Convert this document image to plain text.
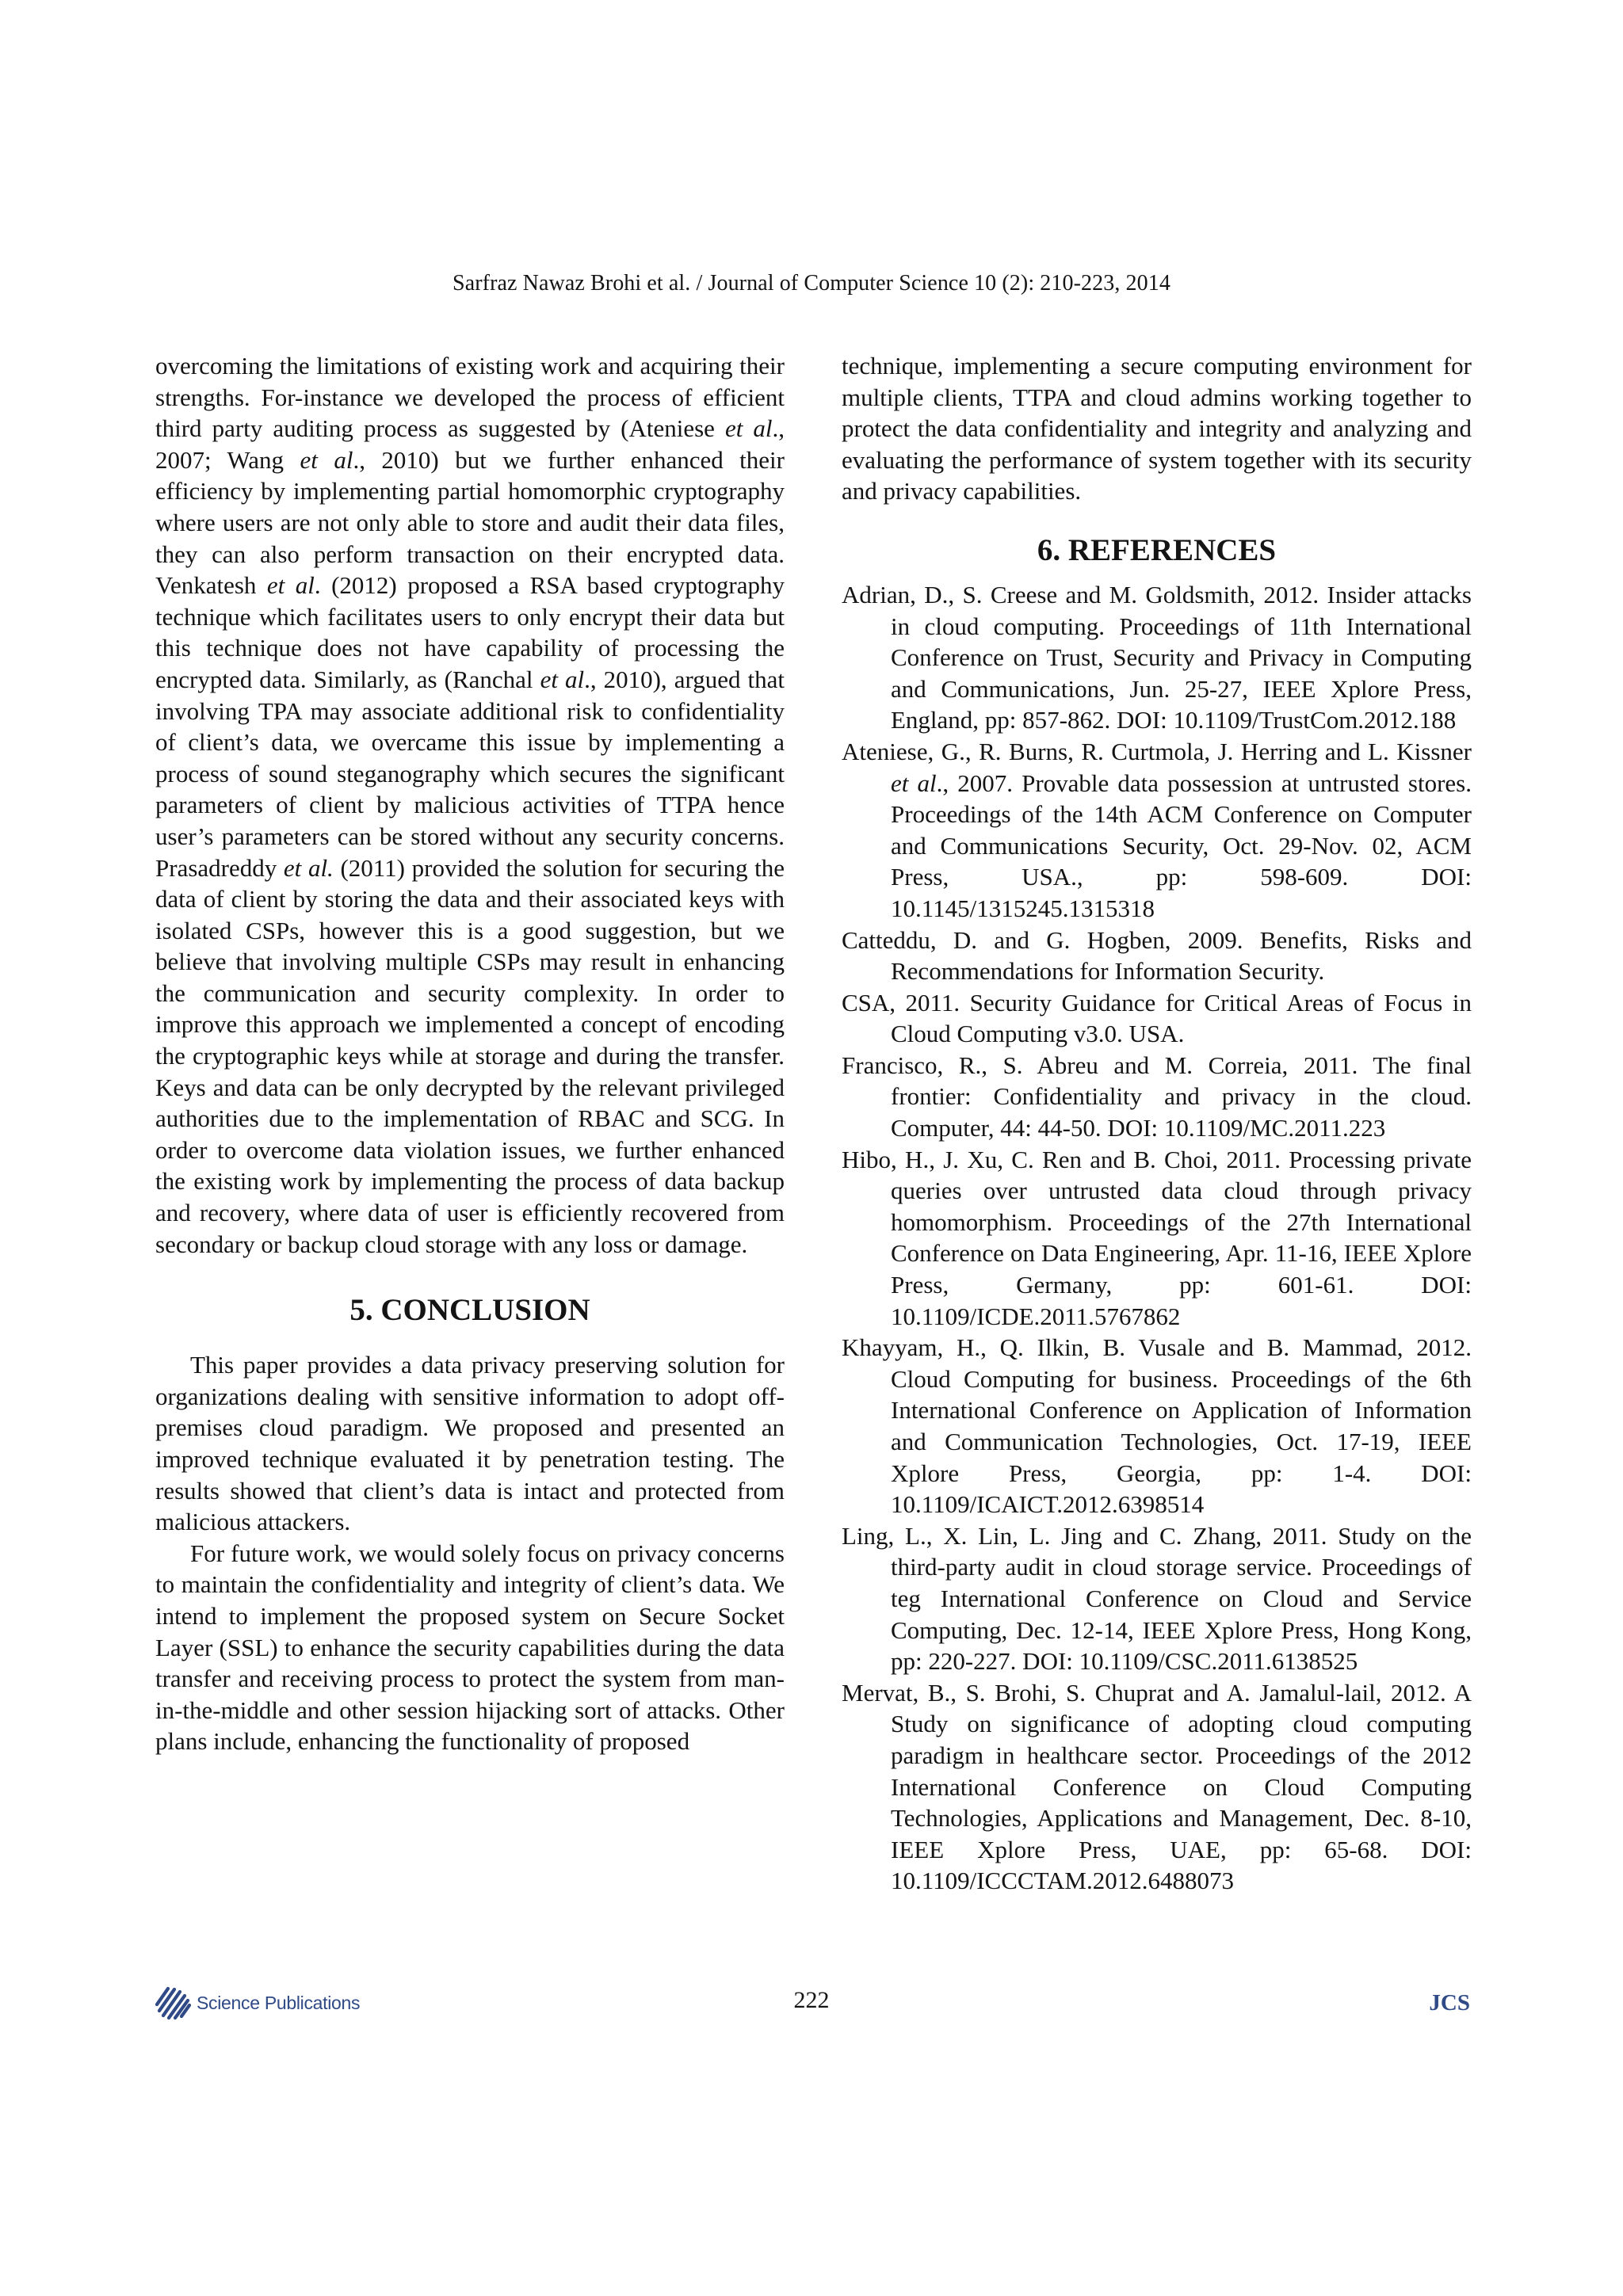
Sarfraz Nawaz Brohi et al. / Journal of Computer Science 10 (2): 210-223, 2014

overcoming the limitations of existing work and acquiring their strengths. For-instance we developed the process of efficient third party auditing process as suggested by (Ateniese et al., 2007; Wang et al., 2010) but we further enhanced their efficiency by implementing partial homomorphic cryptography where users are not only able to store and audit their data files, they can also perform transaction on their encrypted data. Venkatesh et al. (2012) proposed a RSA based cryptography technique which facilitates users to only encrypt their data but this technique does not have capability of processing the encrypted data. Similarly, as (Ranchal et al., 2010), argued that involving TPA may associate additional risk to confidentiality of client’s data, we overcame this issue by implementing a process of sound steganography which secures the significant parameters of client by malicious activities of TTPA hence user’s parameters can be stored without any security concerns. Prasadreddy et al. (2011) provided the solution for securing the data of client by storing the data and their associated keys with isolated CSPs, however this is a good suggestion, but we believe that involving multiple CSPs may result in enhancing the communication and security complexity. In order to improve this approach we implemented a concept of encoding the cryptographic keys while at storage and during the transfer. Keys and data can be only decrypted by the relevant privileged authorities due to the implementation of RBAC and SCG. In order to overcome data violation issues, we further enhanced the existing work by implementing the process of data backup and recovery, where data of user is efficiently recovered from secondary or backup cloud storage with any loss or damage.

5. CONCLUSION

This paper provides a data privacy preserving solution for organizations dealing with sensitive information to adopt off-premises cloud paradigm. We proposed and presented an improved technique evaluated it by penetration testing. The results showed that client’s data is intact and protected from malicious attackers.

For future work, we would solely focus on privacy concerns to maintain the confidentiality and integrity of client’s data. We intend to implement the proposed system on Secure Socket Layer (SSL) to enhance the security capabilities during the data transfer and receiving process to protect the system from man-in-the-middle and other session hijacking sort of attacks. Other plans include, enhancing the functionality of proposed

technique, implementing a secure computing environment for multiple clients, TTPA and cloud admins working together to protect the data confidentiality and integrity and analyzing and evaluating the performance of system together with its security and privacy capabilities.

6. REFERENCES

Adrian, D., S. Creese and M. Goldsmith, 2012. Insider attacks in cloud computing. Proceedings of 11th International Conference on Trust, Security and Privacy in Computing and Communications, Jun. 25-27, IEEE Xplore Press, England, pp: 857-862. DOI: 10.1109/TrustCom.2012.188

Ateniese, G., R. Burns, R. Curtmola, J. Herring and L. Kissner et al., 2007. Provable data possession at untrusted stores. Proceedings of the 14th ACM Conference on Computer and Communications Security, Oct. 29-Nov. 02, ACM Press, USA., pp: 598-609. DOI: 10.1145/1315245.1315318

Catteddu, D. and G. Hogben, 2009. Benefits, Risks and Recommendations for Information Security.

CSA, 2011. Security Guidance for Critical Areas of Focus in Cloud Computing v3.0. USA.

Francisco, R., S. Abreu and M. Correia, 2011. The final frontier: Confidentiality and privacy in the cloud. Computer, 44: 44-50. DOI: 10.1109/MC.2011.223

Hibo, H., J. Xu, C. Ren and B. Choi, 2011. Processing private queries over untrusted data cloud through privacy homomorphism. Proceedings of the 27th International Conference on Data Engineering, Apr. 11-16, IEEE Xplore Press, Germany, pp: 601-61. DOI: 10.1109/ICDE.2011.5767862

Khayyam, H., Q. Ilkin, B. Vusale and B. Mammad, 2012. Cloud Computing for business. Proceedings of the 6th International Conference on Application of Information and Communication Technologies, Oct. 17-19, IEEE Xplore Press, Georgia, pp: 1-4. DOI: 10.1109/ICAICT.2012.6398514

Ling, L., X. Lin, L. Jing and C. Zhang, 2011. Study on the third-party audit in cloud storage service. Proceedings of teg International Conference on Cloud and Service Computing, Dec. 12-14, IEEE Xplore Press, Hong Kong, pp: 220-227. DOI: 10.1109/CSC.2011.6138525

Mervat, B., S. Brohi, S. Chuprat and A. Jamalul-lail, 2012. A Study on significance of adopting cloud computing paradigm in healthcare sector. Proceedings of the 2012 International Conference on Cloud Computing Technologies, Applications and Management, Dec. 8-10, IEEE Xplore Press, UAE, pp: 65-68. DOI: 10.1109/ICCCTAM.2012.6488073

Science Publications	222	JCS
